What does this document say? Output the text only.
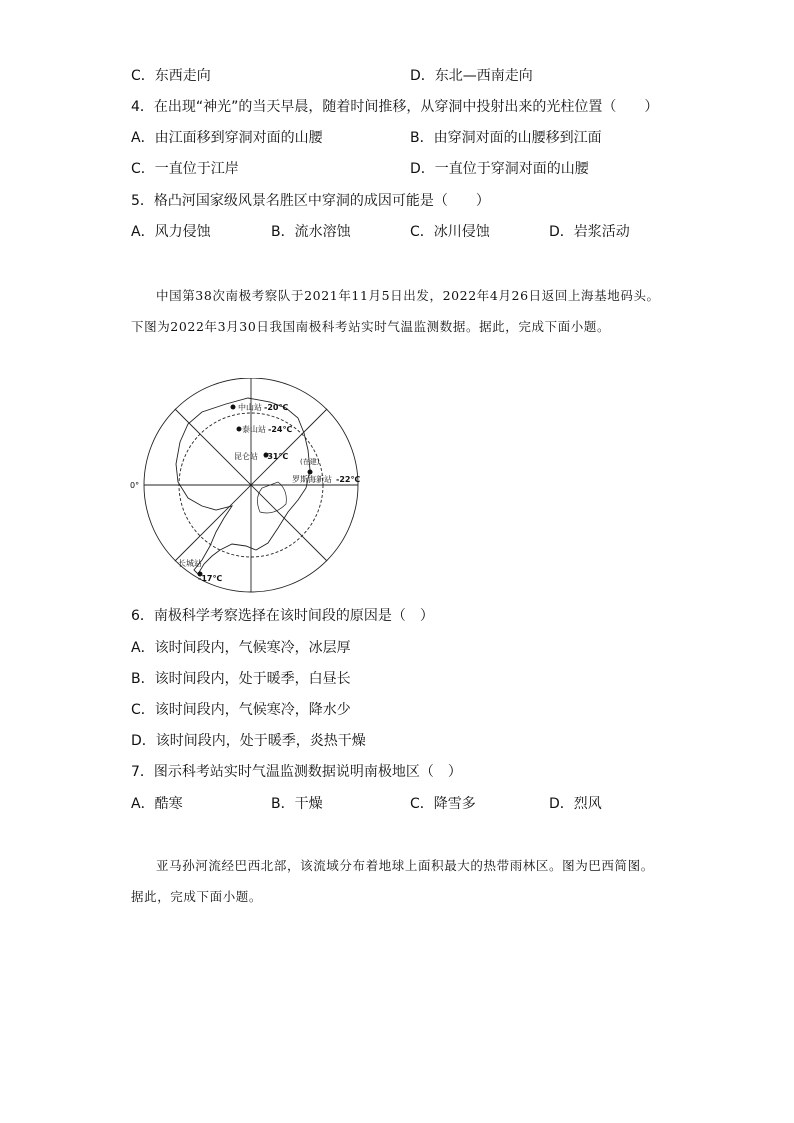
C．东西走向	D．东北—西南走向
4．在出现“神光”的当天早晨，随着时间推移，从穿洞中投射出来的光柱位置（　　）
A．由江面移到穿洞对面的山腰	B．由穿洞对面的山腰移到江面
C．一直位于江岸	D．一直位于穿洞对面的山腰
5．格凸河国家级风景名胜区中穿洞的成因可能是（　　）
A．风力侵蚀	B．流水溶蚀	C．冰川侵蚀	D．岩浆活动
中国第38次南极考察队于2021年11月5日出发，2022年4月26日返回上海基地码头。下图为2022年3月30日我国南极科考站实时气温监测数据。据此，完成下面小题。
0°
中山站 -20℃
泰山站 -24℃
昆仑站 -31℃
(在建)
罗斯海新站 -22℃
长城站
-17℃
6．南极科学考察选择在该时间段的原因是（　）
A．该时间段内，气候寒冷，冰层厚
B．该时间段内，处于暖季，白昼长
C．该时间段内，气候寒冷，降水少
D．该时间段内，处于暖季，炎热干燥
7．图示科考站实时气温监测数据说明南极地区（　）
A．酷寒	B．干燥	C．降雪多	D．烈风
亚马孙河流经巴西北部，该流域分布着地球上面积最大的热带雨林区。图为巴西简图。据此，完成下面小题。
